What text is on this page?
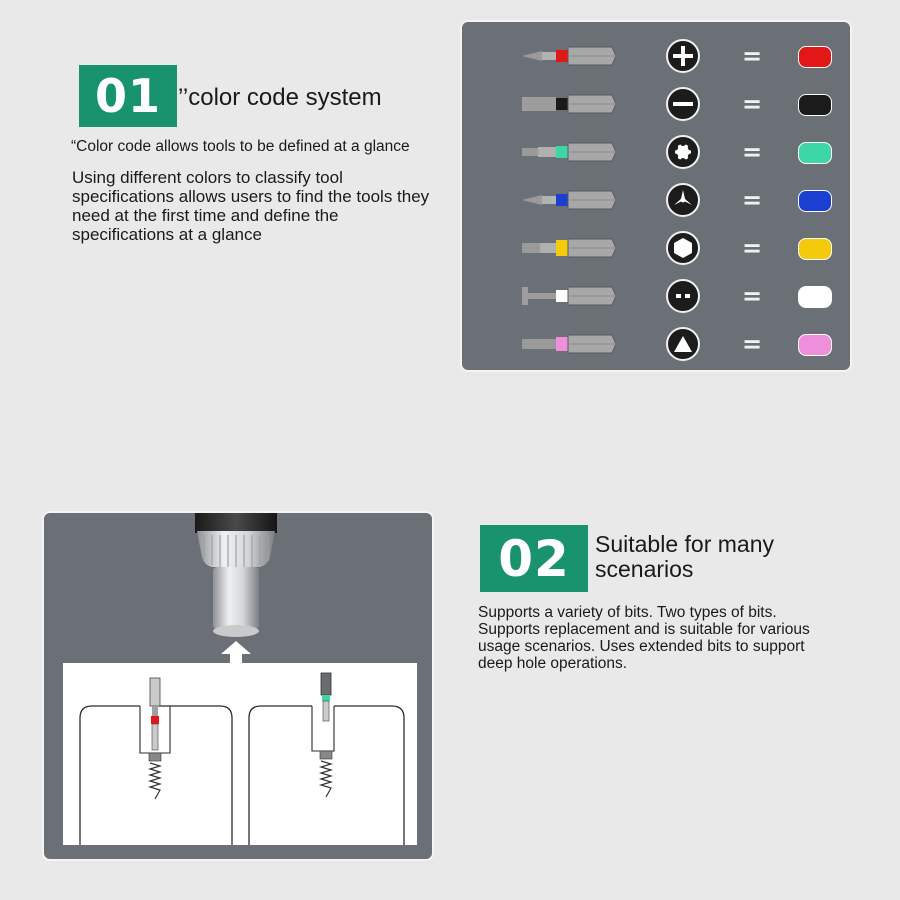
01 ’’color code system
“Color code allows tools to be defined at a glance
Using different colors to classify tool specifications allows users to find the tools they need at the first time and define the specifications at a glance
=
=
=
=
=
=
=
02	Suitable for many scenarios
Supports a variety of bits. Two types of bits. Supports replacement and is suitable for various usage scenarios. Uses extended bits to support deep hole operations.
